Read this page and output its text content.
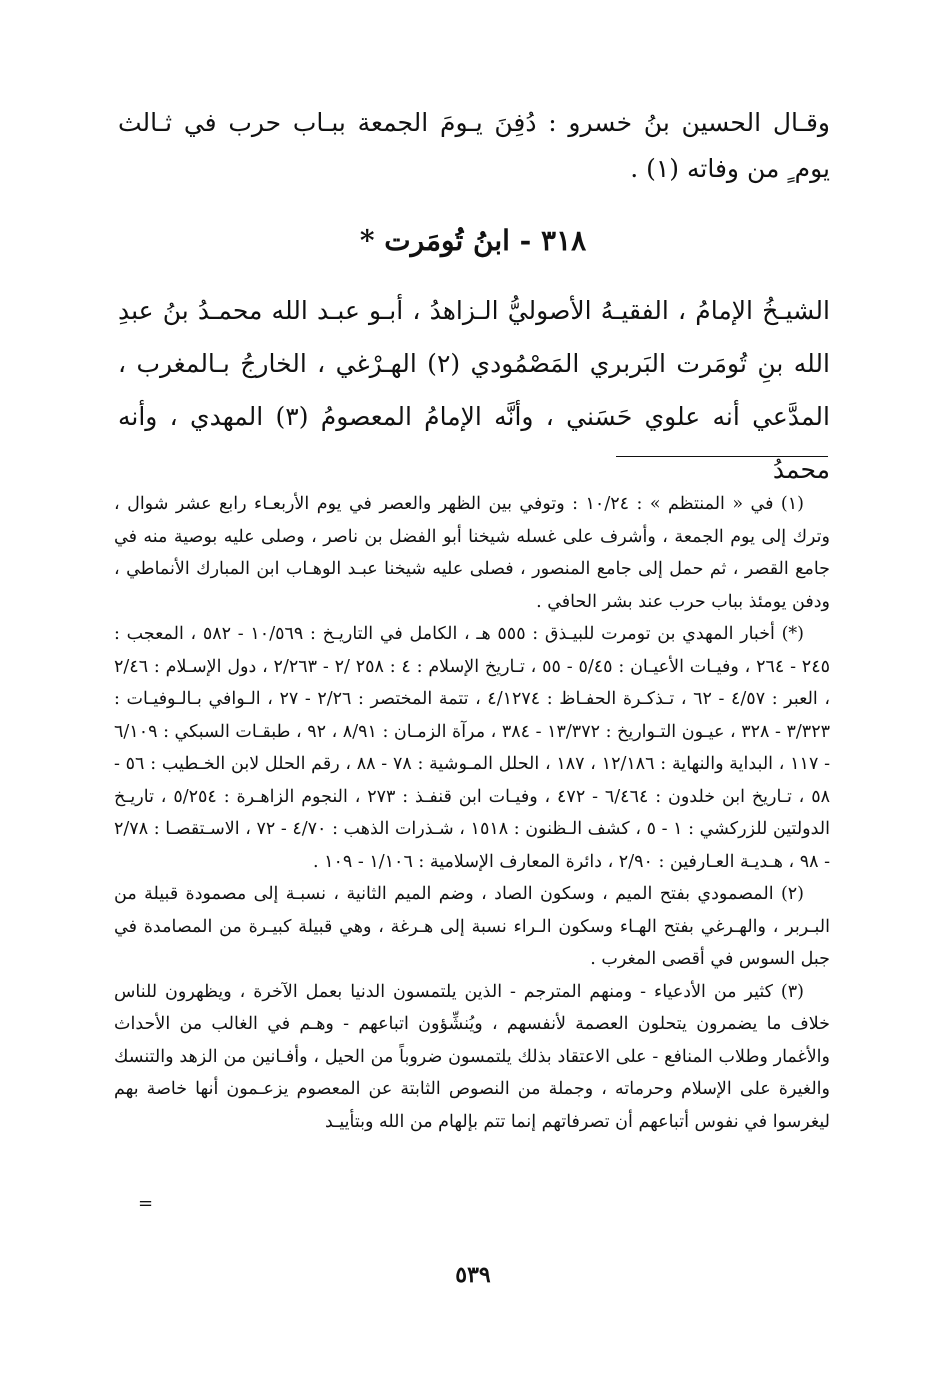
وقـال الحسين بنُ خسرو : دُفِنَ يـومَ الجمعة ببـاب حرب في ثـالث يوم ٍ من وفاته (١) .
٣١٨ - ابنُ تُومَرت *
الشيـخُ الإمامُ ، الفقيـهُ الأصوليُّ الـزاهدُ ، أبـو عبـد الله محمـدُ بنُ عبدِ الله بنِ تُومَرت البَربري المَصْمُودي (٢) الهـرْغي ، الخارجُ بـالمغرب ، المدَّعي أنه علوي حَسَني ، وأنَّه الإمامُ المعصومُ (٣) المهدي ، وأنه محمدُ

(١) في « المنتظم » : ١٠/٢٤ : وتوفي بين الظهر والعصر في يوم الأربعـاء رابع عشر شوال ، وترك إلى يوم الجمعة ، وأشرف على غسله شيخنا أبو الفضل بن ناصر ، وصلى عليه بوصية منه في جامع القصر ، ثم حمل إلى جامع المنصور ، فصلى عليه شيخنا عبـد الوهـاب ابن المبارك الأنماطي ، ودفن يومئذ بباب حرب عند بشر الحافي .

(*) أخبار المهدي بن تومرت للبيـذق : ٥٥٥ هـ ، الكامل في التاريـخ : ١٠/٥٦٩ - ٥٨٢ ، المعجب : ٢٤٥ - ٢٦٤ ، وفيـات الأعيـان : ٥/٤٥ - ٥٥ ، تـاريخ الإسلام : ٤ : ٢٥٨ /٢ - ٢/٢٦٣ ، دول الإسـلام : ٢/٤٦ ، العبر : ٤/٥٧ - ٦٢ ، تـذكـرة الحفـاظ : ٤/١٢٧٤ ، تتمة المختصر : ٢/٢٦ - ٢٧ ، الـوافي بـالـوفيـات : ٣/٣٢٣ - ٣٢٨ ، عيـون التـواريخ : ١٣/٣٧٢ - ٣٨٤ ، مرآة الزمـان : ٨/٩١ ، ٩٢ ، طبقـات السبكي : ٦/١٠٩ - ١١٧ ، البداية والنهاية : ١٢/١٨٦ ، ١٨٧ ، الحلل المـوشية : ٧٨ - ٨٨ ، رقم الحلل لابن الخـطيب : ٥٦ - ٥٨ ، تـاريخ ابن خلدون : ٦/٤٦٤ - ٤٧٢ ، وفيـات ابن قنفـذ : ٢٧٣ ، النجوم الزاهـرة : ٥/٢٥٤ ، تاريـخ الدولتين للزركشي : ١ - ٥ ، كشف الـظنون : ١٥١٨ ، شـذرات الذهب : ٤/٧٠ - ٧٢ ، الاسـتقصـا : ٢/٧٨ - ٩٨ ، هـديـة العـارفين : ٢/٩٠ ، دائرة المعارف الإسلامية : ١/١٠٦ - ١٠٩ .

(٢) المصمودي بفتح الميم ، وسكون الصاد ، وضم الميم الثانية ، نسبـة إلى مصمودة قبيلة من البـربر ، والهـرغي بفتح الهـاء وسكون الـراء نسبة إلى هـرغة ، وهي قبيلة كبيـرة من المصامدة في جبل السوس في أقصى المغرب .

(٣) كثير من الأدعياء - ومنهم المترجم - الذين يلتمسون الدنيا بعمل الآخرة ، ويظهرون للناس خلاف ما يضمرون يتحلون العصمة لأنفسهم ، ويُنشِّؤون اتباعهم - وهـم في الغالب من الأحداث والأغمار وطلاب المنافع - على الاعتقاد بذلك يلتمسون ضروباً من الحيل ، وأفـانين من الزهد والتنسك والغيرة على الإسلام وحرماته ، وجملة من النصوص الثابتة عن المعصوم يزعـمون أنها خاصة بهم ليغرسوا في نفوس أتباعهم أن تصرفاتهم إنما تتم بإلهام من الله وبتأييـد

=
٥٣٩
